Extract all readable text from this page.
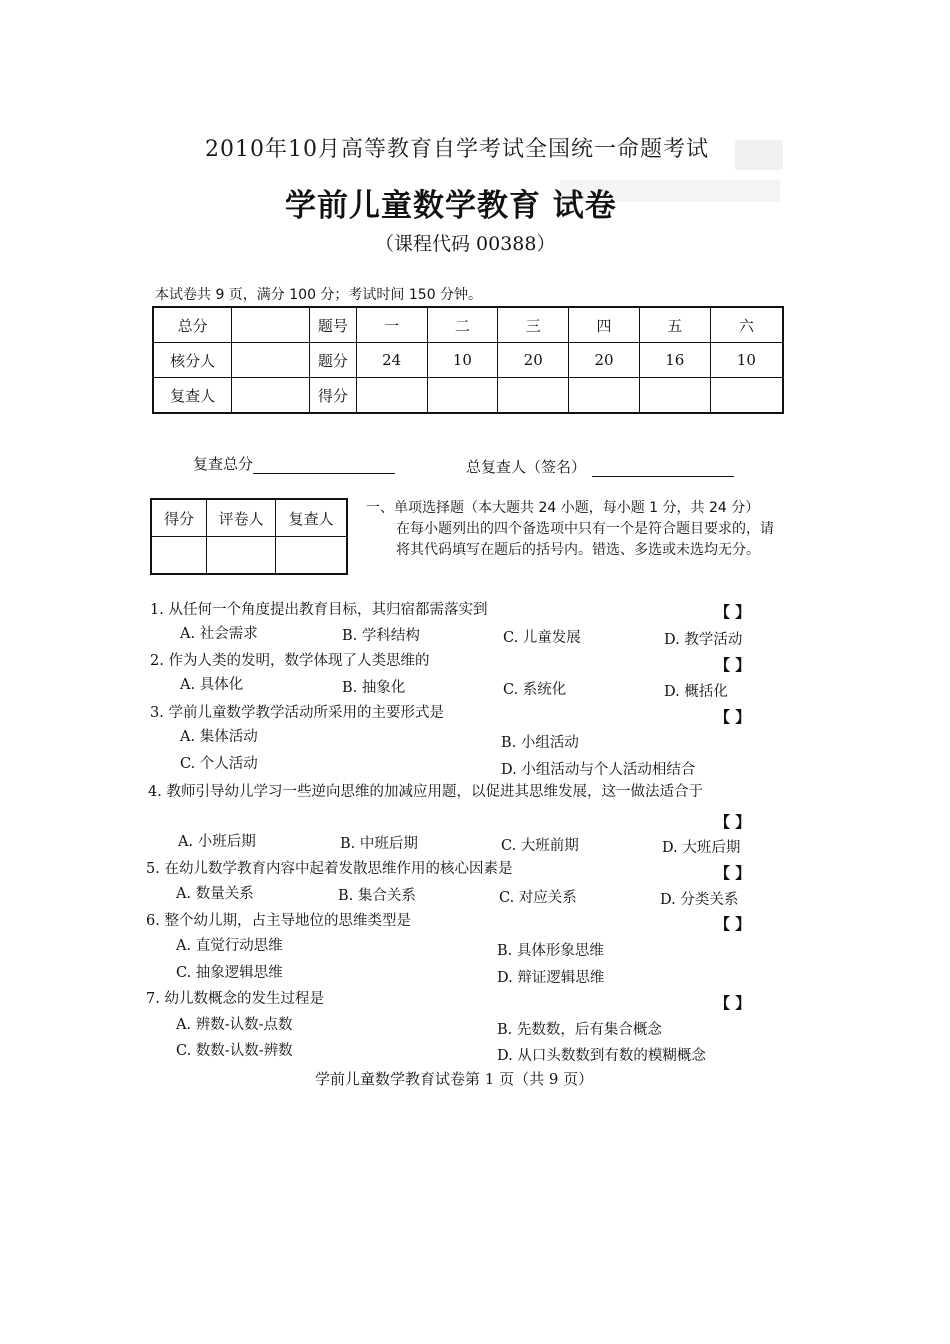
2010年10月高等教育自学考试全国统一命题考试
学前儿童数学教育 试卷
（课程代码 00388）
本试卷共 9 页，满分 100 分；考试时间 150 分钟。
总分		题号	一	二	三	四	五	六
核分人		题分	24	10	20	20	16	10
复查人		得分						
复查总分	总复查人（签名）
得分	评卷人	复查人

一、单项选择题（本大题共 24 小题，每小题 1 分，共 24 分）
在每小题列出的四个备选项中只有一个是符合题目要求的，请将其代码填写在题后的括号内。错选、多选或未选均无分。
1. 从任何一个角度提出教育目标，其归宿都需落实到	【 】
A. 社会需求	B. 学科结构	C. 儿童发展	D. 教学活动
2. 作为人类的发明，数学体现了人类思维的	【 】
A. 具体化	B. 抽象化	C. 系统化	D. 概括化
3. 学前儿童数学教学活动所采用的主要形式是	【 】
A. 集体活动	B. 小组活动
C. 个人活动	D. 小组活动与个人活动相结合
4. 教师引导幼儿学习一些逆向思维的加减应用题，以促进其思维发展，这一做法适合于
【 】
A. 小班后期	B. 中班后期	C. 大班前期	D. 大班后期
5. 在幼儿数学教育内容中起着发散思维作用的核心因素是	【 】
A. 数量关系	B. 集合关系	C. 对应关系	D. 分类关系
6. 整个幼儿期，占主导地位的思维类型是	【 】
A. 直觉行动思维	B. 具体形象思维
C. 抽象逻辑思维	D. 辩证逻辑思维
7. 幼儿数概念的发生过程是	【 】
A. 辨数-认数-点数	B. 先数数，后有集合概念
C. 数数-认数-辨数	D. 从口头数数到有数的模糊概念
学前儿童数学教育试卷第 1 页（共 9 页）
